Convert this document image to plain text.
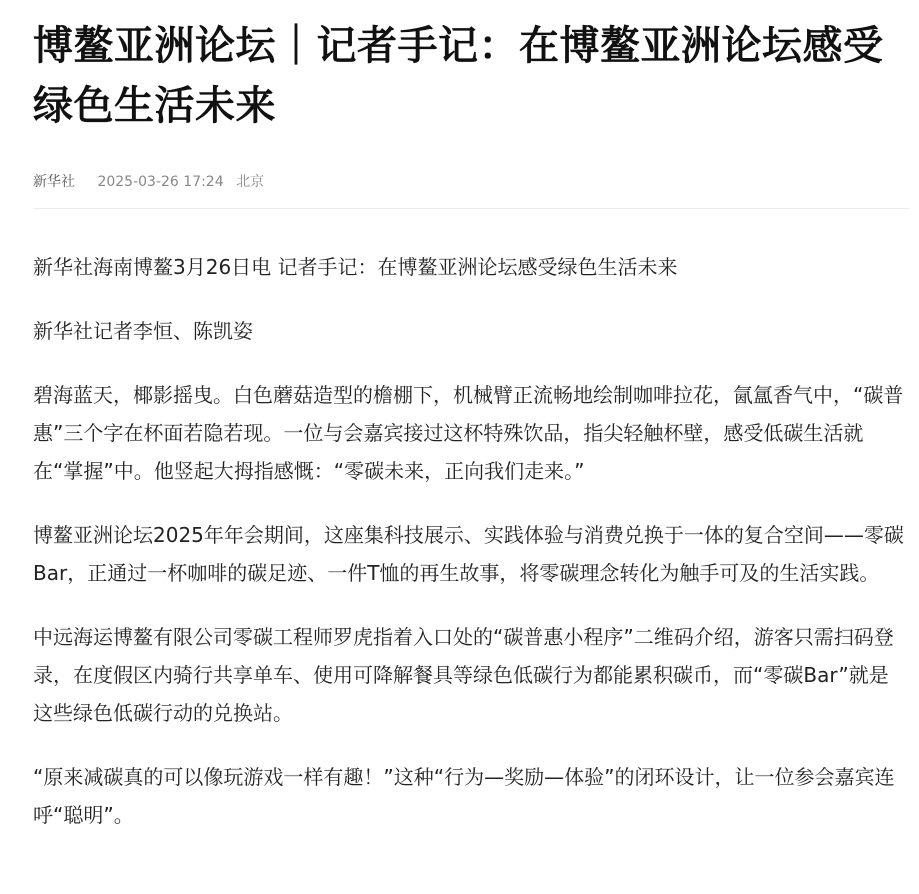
博鳌亚洲论坛｜记者手记：在博鳌亚洲论坛感受绿色生活未来
新华社 2025-03-26 17:24 北京

新华社海南博鳌3月26日电 记者手记：在博鳌亚洲论坛感受绿色生活未来

新华社记者李恒、陈凯姿

碧海蓝天，椰影摇曳。白色蘑菇造型的檐棚下，机械臂正流畅地绘制咖啡拉花，氤氲香气中，“碳普惠”三个字在杯面若隐若现。一位与会嘉宾接过这杯特殊饮品，指尖轻触杯壁，感受低碳生活就在“掌握”中。他竖起大拇指感慨：“零碳未来，正向我们走来。”

博鳌亚洲论坛2025年年会期间，这座集科技展示、实践体验与消费兑换于一体的复合空间——零碳Bar，正通过一杯咖啡的碳足迹、一件T恤的再生故事，将零碳理念转化为触手可及的生活实践。

中远海运博鳌有限公司零碳工程师罗虎指着入口处的“碳普惠小程序”二维码介绍，游客只需扫码登录，在度假区内骑行共享单车、使用可降解餐具等绿色低碳行为都能累积碳币，而“零碳Bar”就是这些绿色低碳行动的兑换站。

“原来减碳真的可以像玩游戏一样有趣！”这种“行为—奖励—体验”的闭环设计，让一位参会嘉宾连呼“聪明”。
